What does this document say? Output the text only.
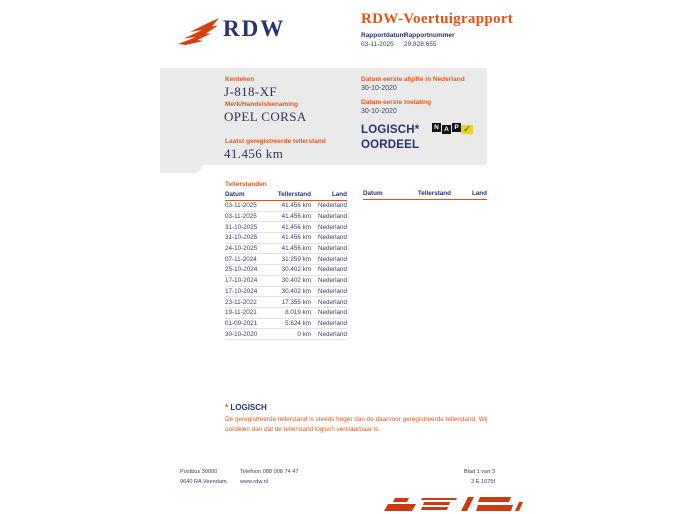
RDW	RDW-Voertuigrapport
Rapportdatum
Rapportnummer
03-11-2025 29.828.655
Kenteken
J-818-XF
Merk/Handelsbenaming
OPEL CORSA
Laatst geregistreerde tellerstand
41.456 km
Datum eerste afgifte in Nederland
30-10-2020
Datum eerste toelating
30-10-2020
LOGISCH*
OORDEEL
N A P ✓
Tellerstanden
Datum	Tellerstand	Land
03-11-2025	41.456 km	Nederland
03-11-2025	41.456 km	Nederland
31-10-2025	41.456 km	Nederland
31-10-2025	41.456 km	Nederland
24-10-2025	41.456 km	Nederland
07-11-2024	31.259 km	Nederland
25-10-2024	30.402 km	Nederland
17-10-2024	30.402 km	Nederland
17-10-2024	30.402 km	Nederland
23-11-2022	17.355 km	Nederland
19-11-2021	8.019 km	Nederland
01-09-2021	5.624 km	Nederland
30-10-2020	0 km	Nederland
Datum	Tellerstand	Land
* LOGISCH
De geregistreerde tellerstand is steeds hoger dan de daarvoor geregistreerde tellerstand. Wij oordelen dan dat de tellerstand logisch verklaarbaar is.
Postbus 30000
9640 RA Veendam
Telefoon 088 008 74 47
www.rdw.nl
Blad 1 van 3
3 E 1075f
